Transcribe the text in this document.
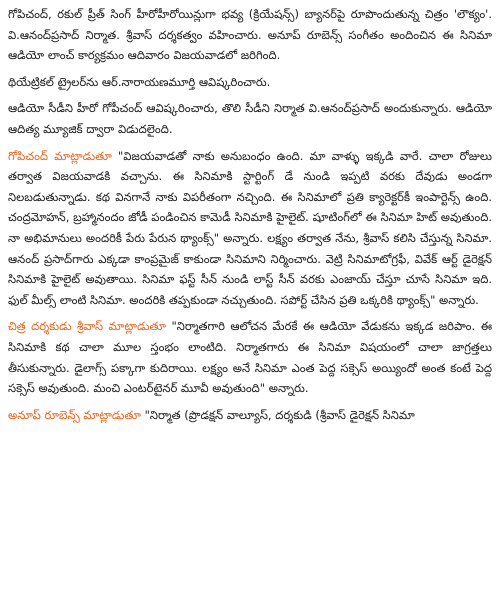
గోపిచంద్, రకుల్ ప్రీత్ సింగ్ హీరోహీరోయిన్లుగా భవ్య (క్రియేషన్స్) బ్యానర్‌పై రూపొందుతున్న చిత్రం 'లౌక్యం'. వి.ఆనంద్‌ప్రసాద్ నిర్మాత. శ్రీవాస్ దర్శకత్వం వహించారు. అనూప్ రూబెన్స్ సంగీతం అందించిన ఈ సినిమా ఆడియో లాంచ్ కార్యక్రమం ఆదివారం విజయవాడలో జరిగింది.

థియేట్రికల్ ట్రైలర్‌ను ఆర్.నారాయణమూర్తి ఆవిష్కరించారు.

ఆడియో సీడీని హీరో గోపీచంద్ ఆవిష్కరించారు, తొలి సీడీని నిర్మాత వి.ఆనంద్‌ప్రసాద్ అందుకున్నారు. ఆడియో ఆదిత్య మ్యూజిక్ ద్వారా విడుదలైంది.

గోపిచంద్ మాట్లాడుతూ "విజయవాడతో నాకు అనుబంధం ఉంది. మా వాళ్ళు ఇక్కడి వారే. చాలా రోజులు తర్వాత విజయవాడకి వచ్చాను. ఈ సినిమాకి స్టార్టింగ్ డే నుండి ఇప్పటి వరకు దేవుడు అండగా నిలబడుతున్నాడు. కథ వినగానే నాకు విపరీతంగా నచ్చింది. ఈ సినిమాలో ప్రతి క్యారెక్టర్‌కీ ఇంపార్టెన్స్ ఉంది. చంద్రమోహన్, బ్రహ్మానందం జోడీ పండించిన కామెడీ సినిమాకి హైలైట్. షూటింగ్‌లో ఈ సినిమా హిట్ అవుతుంది. నా అభిమానులు అందరికీ పేరు పేరున థ్యాంక్స్" అన్నారు. లక్ష్యం తర్వాత నేను, శ్రీవాస్ కలిసి చేస్తున్న సినిమా. ఆనంద్ ప్రసాద్‌గారు ఎక్కడా కాంప్రమైజ్ కాకుండా సినిమాని నిర్మించారు. వెట్రి సినిమాటోగ్రఫీ, వివేక్ ఆర్ట్ డైరెక్షన్ సినిమాకి హైలైట్ అవుతాయి. సినిమా ఫస్ట్ సీన్ నుండి లాస్ట్ సీన్ వరకు ఎంజాయ్ చేస్తూ చూసే సినిమా ఇది. ఫుల్ మీల్స్ లాంటి సినిమా. అందరికి తప్పకుండా నచ్చుతుంది. సపోర్ట్ చేసిన ప్రతి ఒక్కరికి థ్యాంక్స్" అన్నారు.

చిత్ర దర్శకుడు శ్రీవాస్ మాట్లాడుతూ "నిర్మాతగారి ఆలోచన మేరకే ఈ ఆడియో వేడుకను ఇక్కడ జరిపాం. ఈ సినిమాకి కథ చాలా మూల స్తంభం లాంటిది. నిర్మాతగారు ఈ సినిమా విషయంలో చాలా జాగ్రత్తలు తీసుకున్నారు. డైలాగ్స్ పక్కాగా కుదిరాయి. లక్ష్యం అనే సినిమా ఎంత పెద్ద సక్సెస్ అయ్యిందో అంత కంటే పెద్ద సక్సెస్ అవుతుంది. మంచి ఎంటర్‌టైనర్ మూవీ అవుతుంది" అన్నారు.

అనూప్ రూబెన్స్ మాట్లాడుతూ "నిర్మాత (ప్రొడక్షన్ వాల్యూస్, దర్శకుడి (శ్రీవాస్ డైరెక్షన్ సినిమా
